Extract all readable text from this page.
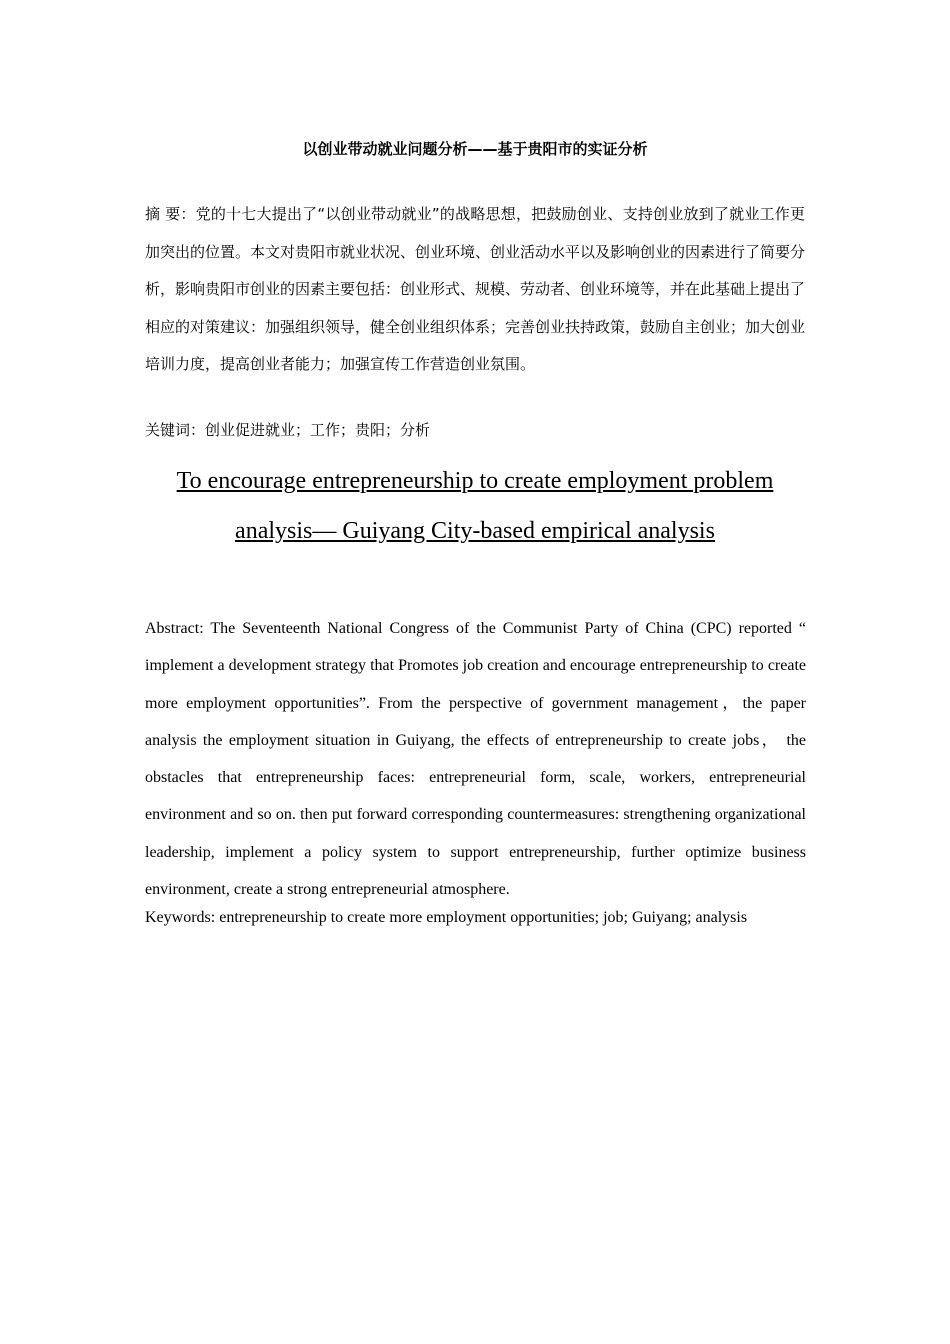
以创业带动就业问题分析——基于贵阳市的实证分析

摘 要：党的十七大提出了“以创业带动就业”的战略思想，把鼓励创业、支持创业放到了就业工作更加突出的位置。本文对贵阳市就业状况、创业环境、创业活动水平以及影响创业的因素进行了简要分析，影响贵阳市创业的因素主要包括：创业形式、规模、劳动者、创业环境等，并在此基础上提出了相应的对策建议：加强组织领导，健全创业组织体系；完善创业扶持政策，鼓励自主创业；加大创业培训力度，提高创业者能力；加强宣传工作营造创业氛围。

关键词：创业促进就业；工作；贵阳；分析

To encourage entrepreneurship to create employment problem analysis— Guiyang City-based empirical analysis

Abstract: The Seventeenth National Congress of the Communist Party of China (CPC) reported “ implement a development strategy that Promotes job creation and encourage entrepreneurship to create more employment opportunities”. From the perspective of government management，the paper analysis the employment situation in Guiyang, the effects of entrepreneurship to create jobs， the obstacles that entrepreneurship faces: entrepreneurial form, scale, workers, entrepreneurial environment and so on. then put forward corresponding countermeasures: strengthening organizational leadership, implement a policy system to support entrepreneurship, further optimize business environment, create a strong entrepreneurial atmosphere.

Keywords: entrepreneurship to create more employment opportunities; job; Guiyang; analysis
